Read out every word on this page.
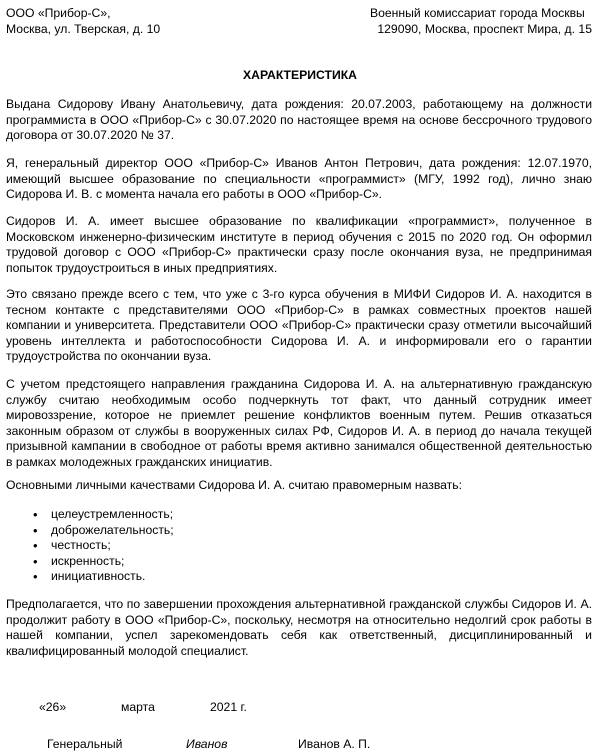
ООО «Прибор-С»,
Москва, ул. Тверская, д. 10
Военный комиссариат города Москвы
129090, Москва, проспект Мира, д. 15
ХАРАКТЕРИСТИКА

Выдана Сидорову Ивану Анатольевичу, дата рождения: 20.07.2003, работающему на должности программиста в ООО «Прибор-С» с 30.07.2020 по настоящее время на основе бессрочного трудового договора от 30.07.2020 № 37.

Я, генеральный директор ООО «Прибор-С» Иванов Антон Петрович, дата рождения: 12.07.1970, имеющий высшее образование по специальности «программист» (МГУ, 1992 год), лично знаю Сидорова И. В. с момента начала его работы в ООО «Прибор-С».

Сидоров И. А. имеет высшее образование по квалификации «программист», полученное в Московском инженерно-физическим институте в период обучения с 2015 по 2020 год. Он оформил трудовой договор с ООО «Прибор-С» практически сразу после окончания вуза, не предпринимая попыток трудоустроиться в иных предприятиях.

Это связано прежде всего с тем, что уже с 3-го курса обучения в МИФИ Сидоров И. А. находится в тесном контакте с представителями ООО «Прибор-С» в рамках совместных проектов нашей компании и университета. Представители ООО «Прибор-С» практически сразу отметили высочайший уровень интеллекта и работоспособности Сидорова И. А. и информировали его о гарантии трудоустройства по окончании вуза.

С учетом предстоящего направления гражданина Сидорова И. А. на альтернативную гражданскую службу считаю необходимым особо подчеркнуть тот факт, что данный сотрудник имеет мировоззрение, которое не приемлет решение конфликтов военным путем. Решив отказаться законным образом от службы в вооруженных силах РФ, Сидоров И. А. в период до начала текущей призывной кампании в свободное от работы время активно занимался общественной деятельностью в рамках молодежных гражданских инициатив.

Основными личными качествами Сидорова И. А. считаю правомерным назвать:

• целеустремленность;
• доброжелательность;
• честность;
• искренность;
• инициативность.

Предполагается, что по завершении прохождения альтернативной гражданской службы Сидоров И. А. продолжит работу в ООО «Прибор-С», поскольку, несмотря на относительно недолгий срок работы в нашей компании, успел зарекомендовать себя как ответственный, дисциплинированный и квалифицированный молодой специалист.

«26»	марта	2021 г.
Генеральный	Иванов	Иванов А. П.
